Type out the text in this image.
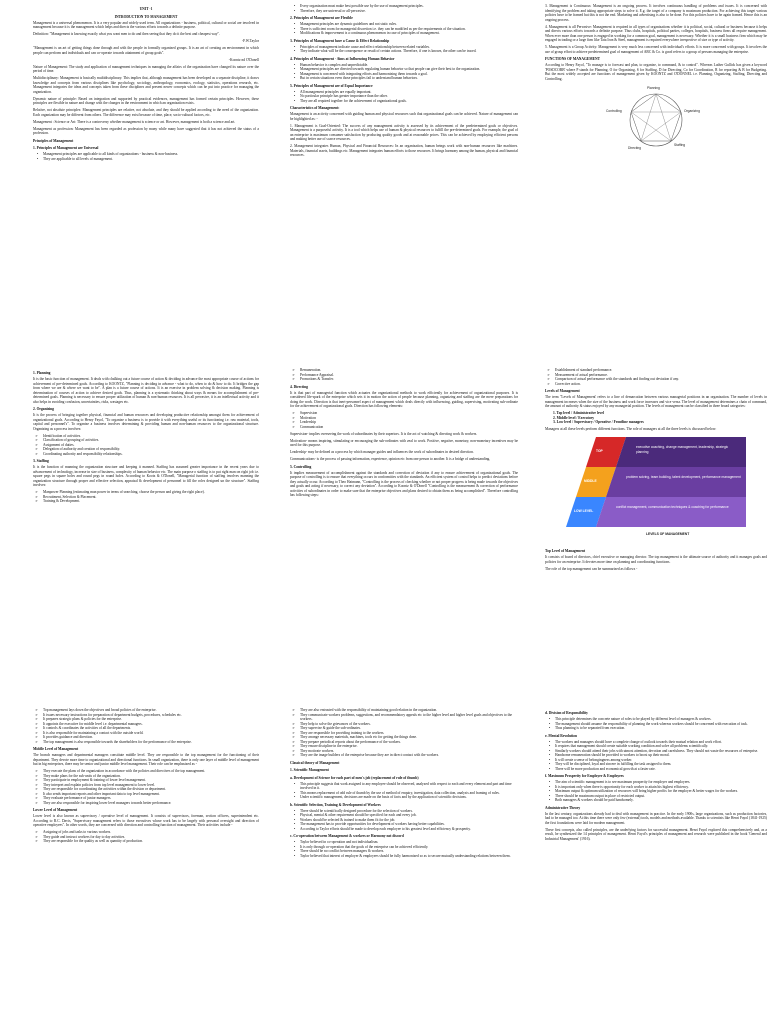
UNIT -1
INTRODUCTION TO MANAGEMENT
Management is a universal phenomenon. It is a very popular and widely used term. All organizations - business, political, cultural or social are involved in management because it is the management which helps and directs the various efforts towards a definite purpose.
Definition: "Management is knowing exactly what you want men to do and then seeing that they do it the best and cheapest way".
-F.W.Taylor
"Management is an art of getting things done through and with the people in formally organized groups. It is an art of creating an environment in which people can perform and individuals and can co-operate towards attainment of group goals".
-Koontz nd O'Donell
Nature of Management: The study and application of management techniques in managing the affairs of the organization have changed its nature over the period of time.
Multidisciplinary: Management is basically multidisciplinary. This implies that, although management has been developed as a separate discipline, it draws knowledge and concepts from various disciplines like psychology, sociology, anthropology, economics, ecology, statistics, operations research, etc. Management integrates the ideas and concepts taken from these disciplines and present newer concepts which can be put into practice for managing the organization.
Dynamic nature of principle: Based on integration and supported by practical evidences, management has formed certain principles. However, these principles are flexible in nature and change with the changes in the environment in which an organization exists.
Relative, not absolute principles: Management principles are relative, not absolute, and they should be applied according to the need of the organization. Each organization may be different from others. The difference may exist because of time, place, socio-cultural factors, etc.
Management : Science or Art: There is a controversy whether management is science or art. However, management is both a science and art.
Management as profession: Management has been regarded as profession by many while many have suggested that it has not achieved the status of a profession.
Principles of Management
1. Principles of Management are Universal
• Management principles are applicable to all kinds of organizations - business & non-business.
• They are applicable to all levels of management.
• Every organization must make best possible use by the use of management principles.
• Therefore, they are universal or all-pervasive.
2. Principles of Management are Flexible
• Management principles are dynamic guidelines and not static rules.
• There is sufficient room for managerial discretion i.e. they can be modified as per the requirements of the situation.
• Modifications & improvement is a continuous phenomenon in case of principles of management.
3. Principles of Management have a Cause & Effect Relationship
• Principles of management indicate cause and effect relationship between related variables.
• They indicate what will be the consequence or result of certain actions. Therefore, if one is known, the other can be traced.
4. Principles of Management - Aims at Influencing Human Behavior
• Human behavior is complex and unpredictable.
• Management principles are directed towards regulating human behavior so that people can give their best to the organization.
• Management is concerned with integrating efforts and harmonizing them towards a goal.
• But in certain situations even those principles fail to understand human behaviors.
5. Principles of Management are of Equal Importance
• All management principles are equally important.
• No particular principle has greater importance than the other.
• They are all required together for the achievement of organizational goals.
Characteristics of Management:
Management is an activity concerned with guiding human and physical resources such that organizational goals can be achieved. Nature of management can be highlighted as: -
1. Management is Goal-Oriented: The success of any management activity is assessed by its achievement of the predetermined goals or objectives. Management is a purposeful activity. It is a tool which helps use of human & physical resources to fulfill the pre-determined goals. For example, the goal of an enterprise is maximum consumer satisfaction by producing quality goods and at reasonable prices. This can be achieved by employing efficient persons and making better use of scarce resources.
2. Management integrates Human, Physical and Financial Resources: In an organization, human beings work with non-human resources like machines. Materials, financial assets, buildings etc. Management integrates human efforts to those resources. It brings harmony among the human, physical and financial resources.
3. Management is Continuous: Management is an ongoing process. It involves continuous handling of problems and issues. It is concerned with identifying the problem and taking appropriate steps to solve it. E.g. the target of a company is maximum production. For achieving this target various policies have to be framed but this is not the end. Marketing and advertising is also to be done. For this policies have to be again framed. Hence this is an ongoing process.
4. Management is all Pervasive: Management is required in all types of organizations whether it is political, social, cultural or business because it helps and directs various efforts towards a definite purpose. Thus clubs, hospitals, political parties, colleges, hospitals, business firms all require management. When ever more than one person is engaged in working for a common goal, management is necessary. Whether it is a small business firm which may be engaged in trading or a large firm like Tata Iron & Steel, management is required everywhere irrespective of size or type of activity.
5. Management is a Group Activity: Management is very much less concerned with individual's efforts. It is more concerned with groups. It involves the use of group effort to achieve predetermined goal of management of ABC & Co. is good refers to a group of persons managing the enterprise.
FUNCTIONS OF MANAGEMENT
According to Henry Fayol, "To manage is to forecast and plan, to organize, to command, & to control". Whereas Luther Gullick has given a keyword 'POSDCORB' where P stands for Planning, O for Organizing, S for Staffing, D for Directing, Co for Coordination, R for reporting & B for Budgeting. But the most widely accepted are functions of management given by KOONTZ and O'DONNEL i.e. Planning, Organizing, Staffing, Directing and Controlling.
Planning
Organizing
Staffing
Directing
Controlling
1. Planning
It is the basic function of management. It deals with chalking out a future course of action & deciding in advance the most appropriate course of actions for achievement of pre-determined goals. According to KOONTZ, "Planning is deciding in advance - what to do, when to do & how to do. It bridges the gap from where we are & where we want to be". A plan is a future course of actions. It is an exercise in problem solving & decision making. Planning is determination of courses of action to achieve desired goals. Thus, planning is a systematic thinking about ways & means for accomplishment of pre-determined goals. Planning is necessary to ensure proper utilization of human & non-human resources. It is all pervasive, it is an intellectual activity and it also helps in avoiding confusion, uncertainties, risks, wastages etc.
2. Organizing
It is the process of bringing together physical, financial and human resources and developing productive relationship amongst them for achievement of organizational goals. According to Henry Fayol, "To organize a business is to provide it with everything useful or its functioning i.e. raw material, tools, capital and personnel's". To organize a business involves determining & providing human and non-human resources to the organizational structure. Organizing as a process involves:
➢ Identification of activities.
➢ Classification of grouping of activities.
➢ Assignment of duties.
➢ Delegation of authority and creation of responsibility.
➢ Coordinating authority and responsibility relationships.
3. Staffing
It is the function of manning the organization structure and keeping it manned. Staffing has assumed greater importance in the recent years due to advancement of technology, increase in size of business, complexity of human behavior etc. The main purpose o staffing is to put right man on right job i.e. square pegs in square holes and round pegs in round holes. According to Kootz & O'Donell, "Managerial function of staffing involves manning the organization structure through proper and effective selection, appraisal & development of personnel to fill the roles designed un the structure". Staffing involves:
➢ Manpower Planning (estimating man power in terms of searching, choose the person and giving the right place).
➢ Recruitment, Selection & Placement.
➢ Training & Development.
➢ Remuneration.
➢ Performance Appraisal.
➢ Promotions & Transfer.
4. Directing
It is that part of managerial function which actuates the organizational methods to work efficiently for achievement of organizational purposes. It is considered life-spark of the enterprise which sets it in motion the action of people because planning, organizing and staffing are the mere preparations for doing the work. Direction is that inert-personnel aspect of management which deals directly with influencing, guiding, supervising, motivating sub-ordinate for the achievement of organizational goals. Direction has following elements:
➢ Supervision
➢ Motivation
➢ Leadership
➢ Communication
Supervision- implies overseeing the work of subordinates by their superiors. It is the act of watching & directing work & workers.
Motivation- means inspiring, stimulating or encouraging the sub-ordinates with zeal to work. Positive, negative, monetary, non-monetary incentives may be used for this purpose.
Leadership- may be defined as a process by which manager guides and influences the work of subordinates in desired direction.
Communications- is the process of passing information, experience, opinion etc from one person to another. It is a bridge of understanding.
5. Controlling
It implies measurement of accomplishment against the standards and correction of deviation if any to ensure achievement of organizational goals. The purpose of controlling is to ensure that everything occurs in conformities with the standards. An efficient system of control helps to predict deviations before they actually occur. According to Theo Haimann, "Controlling is the process of checking whether or not proper progress is being made towards the objectives and goals and acting if necessary, to correct any deviation". According to Koontz & O'Donell "Controlling is the measurement & correction of performance activities of subordinates in order to make sure that the enterprise objectives and plans desired to obtain them as being accomplished". Therefore controlling has following steps:
➢ Establishment of standard performance.
➢ Measurement of actual performance.
➢ Comparison of actual performance with the standards and finding out deviation if any.
➢ Corrective action.
Levels of Management
The term "Levels of Management' refers to a line of demarcation between various managerial positions in an organization. The number of levels in management increases when the size of the business and work force increases and vice versa. The level of management determines a chain of command, the amount of authority & status enjoyed by any managerial position. The levels of management can be classified in three broad categories:
1. Top level / Administrative level
2. Middle level / Executory
3. Low level / Supervisory / Operative / Frontline managers
Managers at all these levels perform different functions. The role of managers at all the three levels is discussed below:
TOP
MIDDLE
LOW LEVEL
executive coaching, change management, leadership, strategic planning
problem solving, team building, talent development, performance management
conflict management, communication techniques & coaching for performance
LEVELS OF MANAGEMENT
Top Level of Management
It consists of board of directors, chief executive or managing director. The top management is the ultimate source of authority and it manages goals and policies for an enterprise. It devotes more time on planning and coordinating functions.
The role of the top management can be summarized as follows -
➢ Top management lays down the objectives and broad policies of the enterprise.
➢ It issues necessary instructions for preparation of department budgets, procedures, schedules etc.
➢ It prepares strategic plans & policies for the enterprise.
➢ It appoints the executive for middle level i.e. departmental managers.
➢ It controls & coordinates the activities of all the departments.
➢ It is also responsible for maintaining a contact with the outside world.
➢ It provides guidance and direction.
➢ The top management is also responsible towards the shareholders for the performance of the enterprise.
Middle Level of Management
The branch managers and departmental managers constitute middle level. They are responsible to the top management for the functioning of their department. They devote more time to organizational and directional functions. In small organization, there is only one layer of middle level of management but in big enterprises, there may be senior and junior middle level management. Their role can be emphasized as -
➢ They execute the plans of the organization in accordance with the policies and directives of the top management.
➢ They make plans for the sub-units of the organization.
➢ They participate in employment & training of lower level management.
➢ They interpret and explain policies from top level management to lower level.
➢ They are responsible for coordinating the activities within the division or department.
➢ It also sends important reports and other important data to top level management.
➢ They evaluate performance of junior managers.
➢ They are also responsible for inspiring lower level managers towards better performance.
Lower Level of Management
Lower level is also known as supervisory / operative level of management. It consists of supervisors, foreman, section officers, superintendent etc. According to R.C. Davis, "Supervisory management refers to those executives whose work has to be largely with personal oversight and direction of operative employees". In other words, they are concerned with direction and controlling function of management. Their activities include -
➢ Assigning of jobs and tasks to various workers.
➢ They guide and instruct workers for day to day activities.
➢ They are responsible for the quality as well as quantity of production.
➢ They are also entrusted with the responsibility of maintaining good relation in the organization.
➢ They communicate workers problems, suggestions, and recommendatory appeals etc to the higher level and higher level goals and objectives to the workers.
➢ They help to solve the grievances of the workers.
➢ They supervise & guide the sub-ordinates.
➢ They are responsible for providing training to the workers.
➢ They arrange necessary materials, machines, tools etc for getting the things done.
➢ They prepare periodical reports about the performance of the workers.
➢ They ensure discipline in the enterprise.
➢ They motivate workers.
➢ They are the image builders of the enterprise because they are in direct contact with the workers.
Classical theory of Management
1. Scientific Management
a. Development of Science for each part of men's job (replacement of rule of thumb)
• This principle suggests that work assigned to any employee should be observed, analyzed with respect to each and every element and part and time involved in it.
• This means replacement of odd rule of thumb by the use of method of enquiry, investigation, data collection, analysis and framing of rules.
• Under scientific management, decisions are made on the basis of facts and by the application of scientific decisions.
b. Scientific Selection, Training & Development of Workers
• There should be scientifically designed procedure for the selection of workers.
• Physical, mental & other requirement should be specified for each and every job.
• Workers should be selected & trained to make them fit for the job.
• The management has to provide opportunities for development of workers having better capabilities.
• According to Taylor efforts should be made to develop each employee to his greatest level and efficiency & prosperity.
c. Co-operation between Management & workers or Harmony not discord
• Taylor believed in co-operation and not individualism.
• It is only through co-operation that the goals of the enterprise can be achieved efficiently.
• There should be no conflict between managers & workers.
• Taylor believed that interest of employer & employees should be fully harmonized so as to secure mutually understanding relations between them.
d. Division of Responsibility
• This principle determines the concrete nature of roles to be played by different level of managers & workers.
• The management should assume the responsibility of planning the work whereas workers should be concerned with execution of task.
• Thus planning is to be separated from execution.
e. Mental Revolution
• The workers and managers should have a complete change of outlook towards their mutual relation and work effort.
• It requires that management should create suitable working condition and solve all problems scientifically.
• Similarly workers should attend their jobs with utmost attention, devotion and carefulness. They should not waste the resources of enterprise.
• Handsome remuneration should be provided to workers to boost up their moral.
• It will create a sense of belongingness among worker.
• They will be disciplined, loyal and sincere in fulfilling the task assigned to them.
• There will be more production and economical growth at a faster rate.
f. Maximum Prosperity for Employer & Employees
• The aim of scientific management is to see maximum prosperity for employer and employees.
• It is important only when there is opportunity for each worker to attain his highest efficiency.
• Maximum output & optimum utilization of resources will bring higher profits for the employer & better wages for the workers.
• There should be maximum output in place of restricted output.
• Both managers & workers should be paid handsomely.
Administrative Theory
In the last century, organizations already had to deal with management in practice. In the early 1900s, large organizations, such as production factories, had to be managed too. At this time there were only few (external) tools, models and methods available. Thanks to scientists like Henri Fayol (1841-1925) the first foundations were laid for modern management.
These first concepts, also called principles, are the underlying factors for successful management. Henri Fayol explored this comprehensively and, as a result, he synthesized the 14 principles of management. Henri Fayol's principles of management and research were published in the book 'General and Industrial Management' (1916).
